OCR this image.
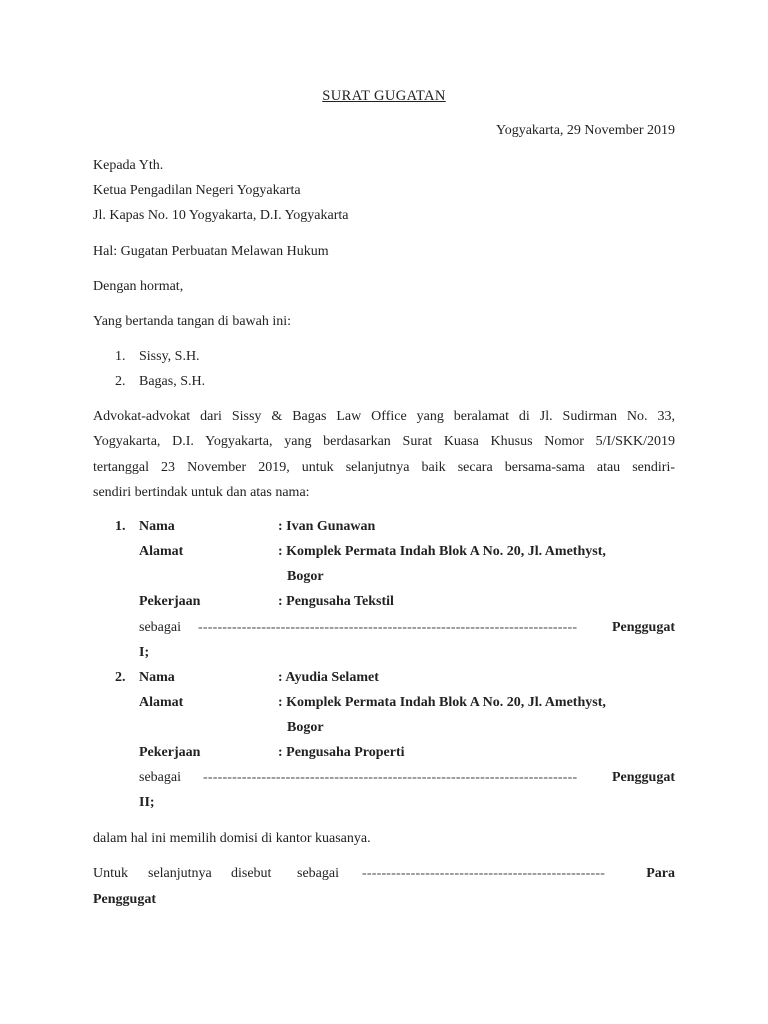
SURAT GUGATAN
Yogyakarta, 29 November 2019
Kepada Yth.
Ketua Pengadilan Negeri Yogyakarta
Jl. Kapas No. 10 Yogyakarta, D.I. Yogyakarta
Hal: Gugatan Perbuatan Melawan Hukum
Dengan hormat,
Yang bertanda tangan di bawah ini:
1. Sissy, S.H.
2. Bagas, S.H.
Advokat-advokat dari Sissy & Bagas Law Office yang beralamat di Jl. Sudirman No. 33,
Yogyakarta, D.I. Yogyakarta, yang berdasarkan Surat Kuasa Khusus Nomor 5/I/SKK/2019
tertanggal 23 November 2019, untuk selanjutnya baik secara bersama-sama atau sendiri-
sendiri bertindak untuk dan atas nama:
1. Nama	: Ivan Gunawan
Alamat	: Komplek Permata Indah Blok A No. 20, Jl. Amethyst,
Bogor
Pekerjaan	: Pengusaha Tekstil
sebagai ------------------------------------------------------------------------------ Penggugat
I;
2. Nama	: Ayudia Selamet
Alamat	: Komplek Permata Indah Blok A No. 20, Jl. Amethyst,
Bogor
Pekerjaan	: Pengusaha Properti
sebagai ----------------------------------------------------------------------------- Penggugat
II;
dalam hal ini memilih domisi di kantor kuasanya.
Untuk selanjutnya disebut sebagai --------------------------------------------------	Para
Penggugat
